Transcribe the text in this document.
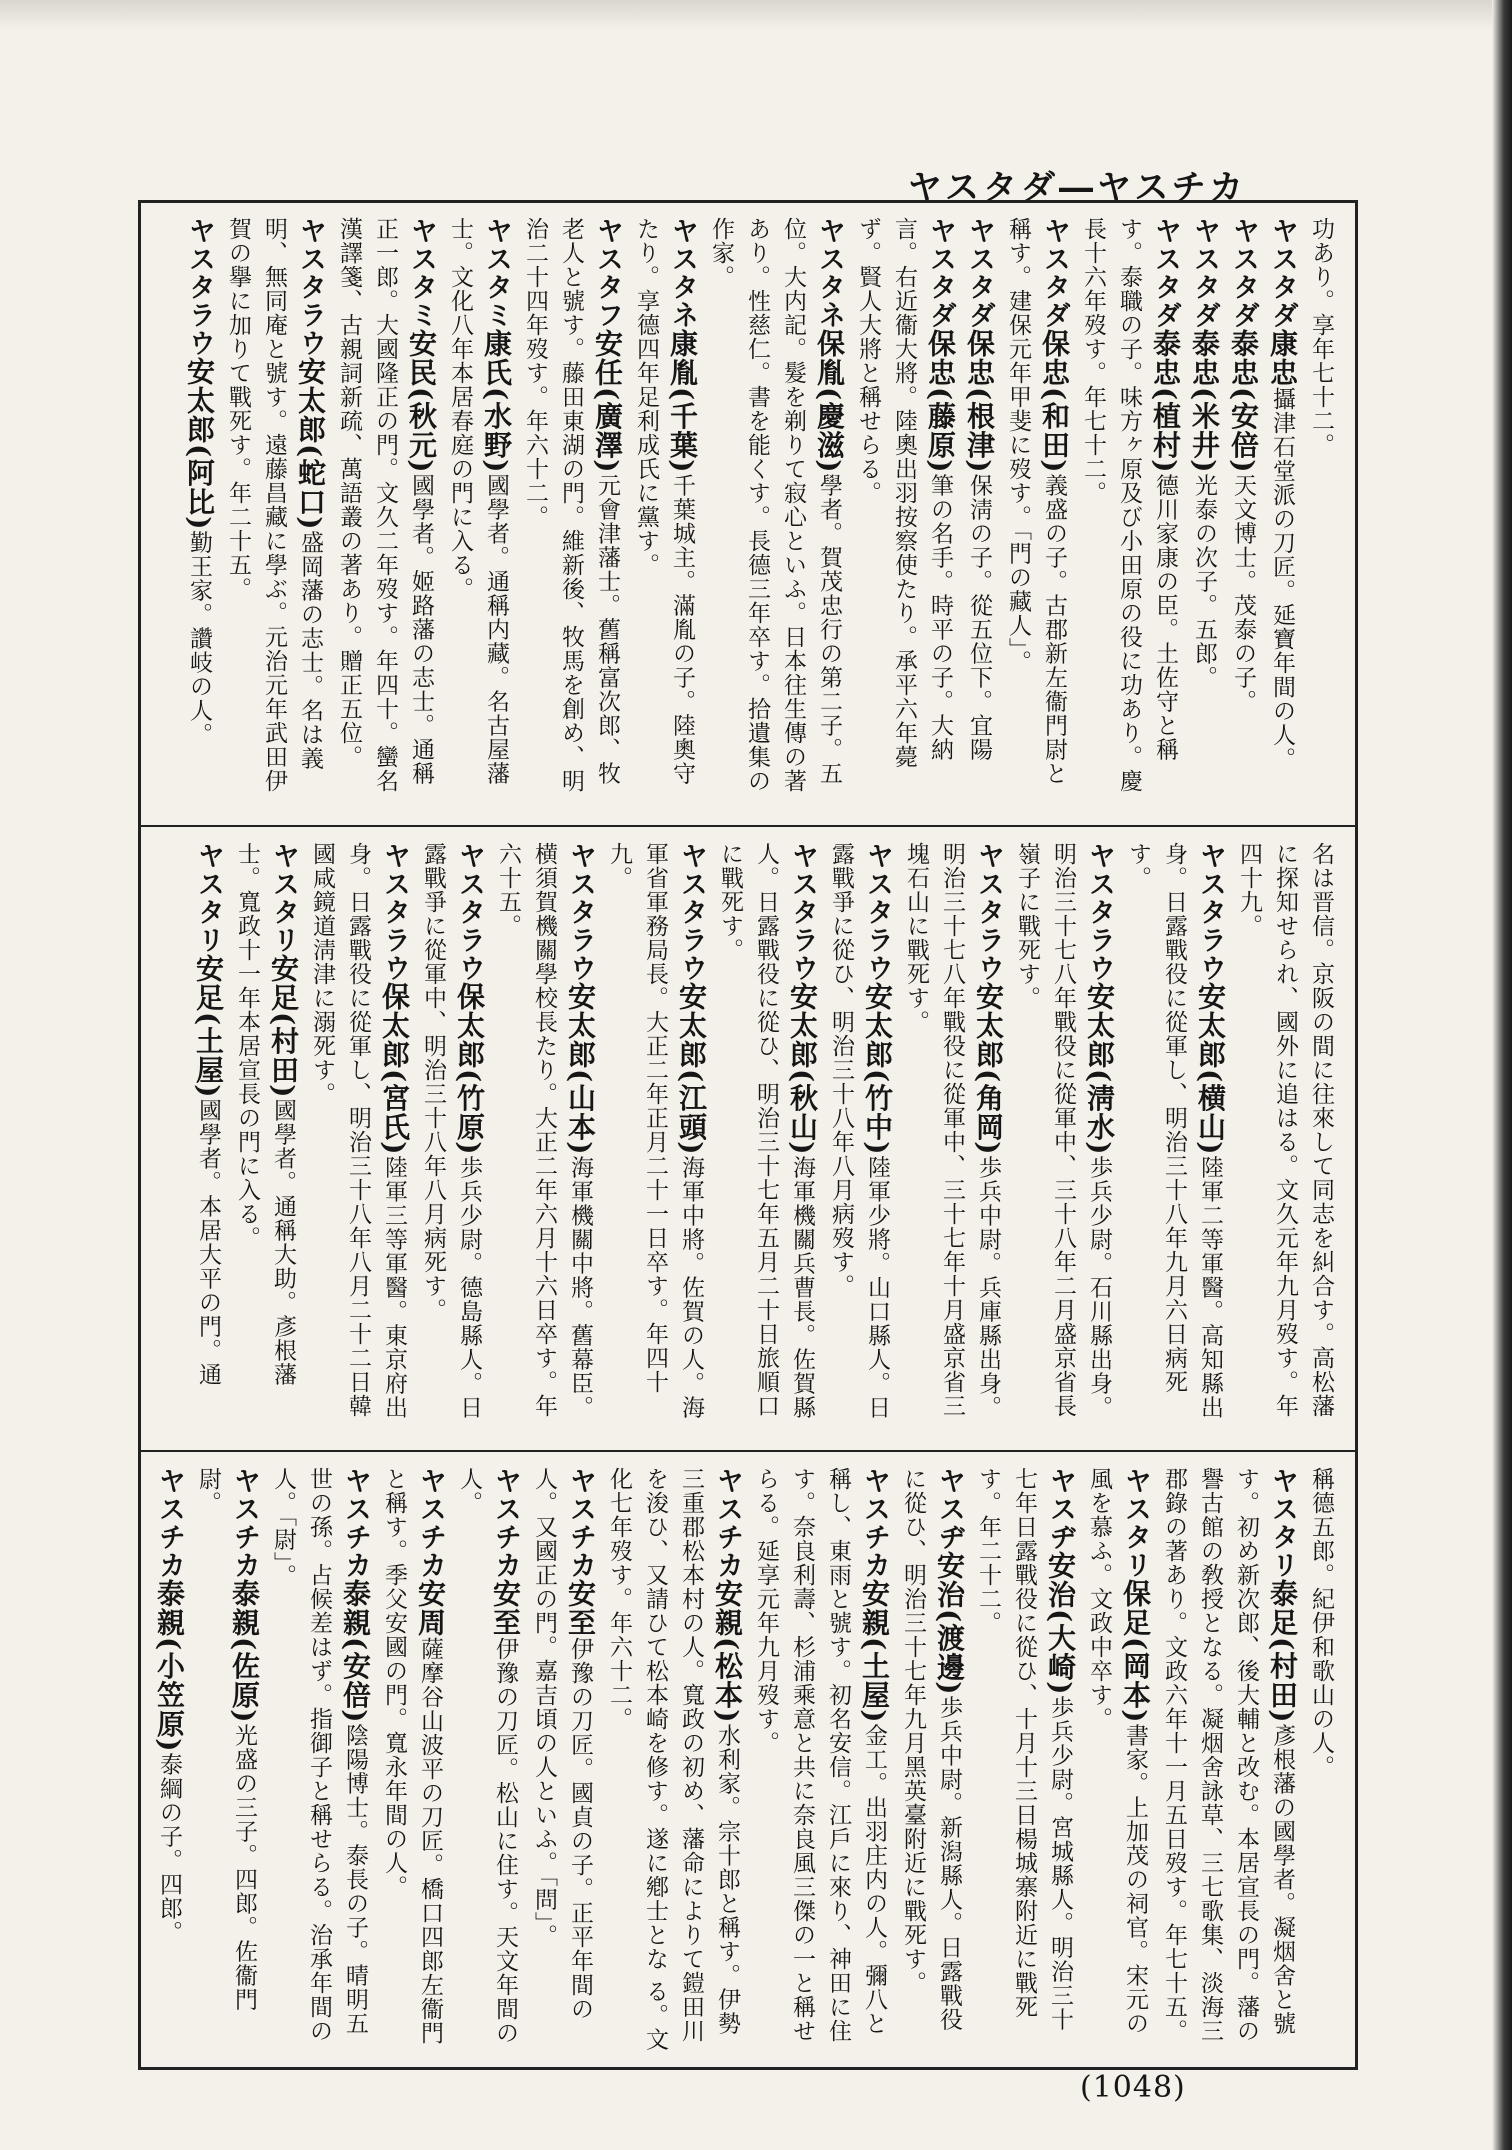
ヤスタダ―ヤスチカ
功あり。享年七十二。
ヤスタダ康忠攝津石堂派の刀匠。延寶年間の人。
ヤスタダ泰忠(安倍)天文博士。茂泰の子。
ヤスタダ泰忠(米井)光泰の次子。五郎。
ヤスタダ泰忠(植村)德川家康の臣。土佐守と稱す。泰職の子。味方ヶ原及び小田原の役に功あり。慶長十六年歿す。年七十二。
ヤスタダ保忠(和田)義盛の子。古郡新左衞門尉と稱す。建保元年甲斐に歿す。「門の藏人」。
ヤスタダ保忠(根津)保淸の子。從五位下。宜陽
ヤスタダ保忠(藤原)筆の名手。時平の子。大納言。右近衞大將。陸奧出羽按察使たり。承平六年薨ず。賢人大將と稱せらる。
ヤスタネ保胤(慶滋)學者。賀茂忠行の第二子。五位。大内記。髮を剃りて寂心といふ。日本往生傳の著あり。性慈仁。書を能くす。長德三年卒す。拾遺集の作家。
ヤスタネ康胤(千葉)千葉城主。滿胤の子。陸奧守たり。享德四年足利成氏に黨す。
ヤスタフ安任(廣澤)元會津藩士。舊稱富次郎、牧老人と號す。藤田東湖の門。維新後、牧馬を創め、明治二十四年歿す。年六十二。
ヤスタミ康氏(水野)國學者。通稱内藏。名古屋藩士。文化八年本居春庭の門に入る。
ヤスタミ安民(秋元)國學者。姬路藩の志士。通稱正一郎。大國隆正の門。文久二年歿す。年四十。蠻名漢譯箋、古親詞新疏、萬語叢の著あり。贈正五位。
ヤスタラウ安太郎(蛇口)盛岡藩の志士。名は義明、無同庵と號す。遠藤昌藏に學ぶ。元治元年武田伊賀の擧に加りて戰死す。年二十五。
ヤスタラウ安太郎(阿比)勤王家。讚岐の人。
名は晋信。京阪の間に往來して同志を糾合す。高松藩に探知せられ、國外に追はる。文久元年九月歿す。年四十九。
ヤスタラウ安太郎(横山)陸軍二等軍醫。高知縣出身。日露戰役に從軍し、明治三十八年九月六日病死す。
ヤスタラウ安太郎(淸水)歩兵少尉。石川縣出身。明治三十七八年戰役に從軍中、三十八年二月盛京省長嶺子に戰死す。
ヤスタラウ安太郎(角岡)歩兵中尉。兵庫縣出身。明治三十七八年戰役に從軍中、三十七年十月盛京省三塊石山に戰死す。
ヤスタラウ安太郎(竹中)陸軍少將。山口縣人。日露戰爭に從ひ、明治三十八年八月病歿す。
ヤスタラウ安太郎(秋山)海軍機關兵曹長。佐賀縣人。日露戰役に從ひ、明治三十七年五月二十日旅順口に戰死す。
ヤスタラウ安太郎(江頭)海軍中將。佐賀の人。海軍省軍務局長。大正二年正月二十一日卒す。年四十九。
ヤスタラウ安太郎(山本)海軍機關中將。舊幕臣。横須賀機關學校長たり。大正二年六月十六日卒す。年六十五。
ヤスタラウ保太郎(竹原)歩兵少尉。德島縣人。日露戰爭に從軍中、明治三十八年八月病死す。
ヤスタラウ保太郎(宮氏)陸軍三等軍醫。東京府出身。日露戰役に從軍し、明治三十八年八月二十二日韓國咸鏡道淸津に溺死す。
ヤスタリ安足(村田)國學者。通稱大助。彥根藩士。寬政十一年本居宣長の門に入る。
ヤスタリ安足(土屋)國學者。本居大平の門。通
稱德五郎。紀伊和歌山の人。
ヤスタリ泰足(村田)彥根藩の國學者。凝烟舍と號す。初め新次郎、後大輔と改む。本居宣長の門。藩の譽古館の敎授となる。凝烟舍詠草、三七歌集、淡海三郡錄の著あり。文政六年十一月五日歿す。年七十五。
ヤスタリ保足(岡本)書家。上加茂の祠官。宋元の風を慕ふ。文政中卒す。
ヤスヂ安治(大崎)歩兵少尉。宮城縣人。明治三十七年日露戰役に從ひ、十月十三日楊城寨附近に戰死す。年二十二。
ヤスヂ安治(渡邊)歩兵中尉。新潟縣人。日露戰役に從ひ、明治三十七年九月黑英臺附近に戰死す。
ヤスチカ安親(土屋)金工。出羽庄内の人。彌八と稱し、東雨と號す。初名安信。江戶に來り、神田に住す。奈良利壽、杉浦乘意と共に奈良風三傑の一と稱せらる。延享元年九月歿す。
ヤスチカ安親(松本)水利家。宗十郎と稱す。伊勢三重郡松本村の人。寬政の初め、藩命によりて鎧田川を浚ひ、又請ひて松本崎を修す。遂に鄕士とな る。文化七年歿す。年六十二。
ヤスチカ安至伊豫の刀匠。國貞の子。正平年間の人。又國正の門。嘉吉頃の人といふ。「問」。
ヤスチカ安至伊豫の刀匠。松山に住す。天文年間の人。
ヤスチカ安周薩摩谷山波平の刀匠。橋口四郎左衞門と稱す。季父安國の門。寬永年間の人。
ヤスチカ泰親(安倍)陰陽博士。泰長の子。晴明五世の孫。占候差はず。指御子と稱せらる。治承年間の人。「尉」。
ヤスチカ泰親(佐原)光盛の三子。四郎。佐衞門尉。
ヤスチカ泰親(小笠原)泰綱の子。四郎。
(1048)
